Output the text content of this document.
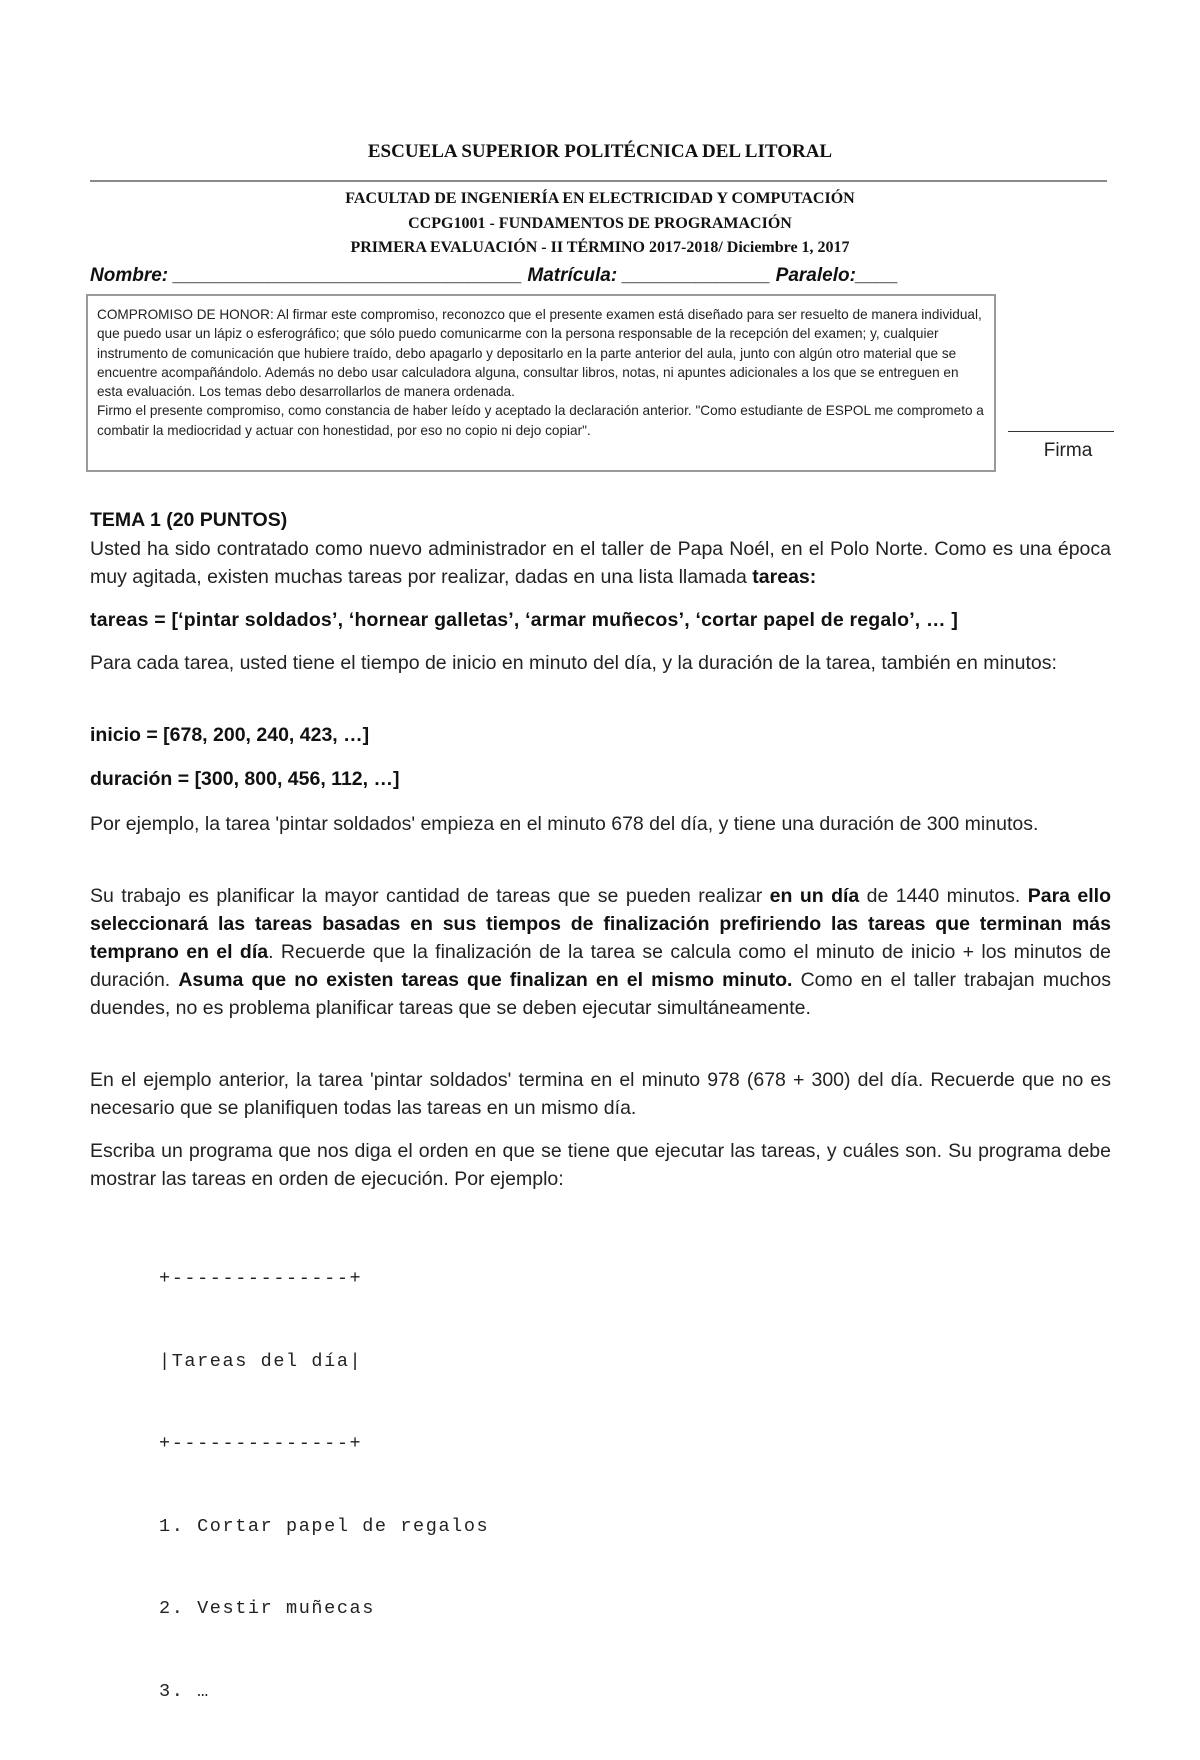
ESCUELA SUPERIOR POLITÉCNICA DEL LITORAL
FACULTAD DE INGENIERÍA EN ELECTRICIDAD Y COMPUTACIÓN
CCPG1001 - FUNDAMENTOS DE PROGRAMACIÓN
PRIMERA EVALUACIÓN - II TÉRMINO 2017-2018/ Diciembre 1, 2017
Nombre: _________________________________ Matrícula: ______________ Paralelo:____

COMPROMISO DE HONOR: Al firmar este compromiso, reconozco que el presente examen está diseñado para ser resuelto de manera individual, que puedo usar un lápiz o esferográfico; que sólo puedo comunicarme con la persona responsable de la recepción del examen; y, cualquier instrumento de comunicación que hubiere traído, debo apagarlo y depositarlo en la parte anterior del aula, junto con algún otro material que se encuentre acompañándolo. Además no debo usar calculadora alguna, consultar libros, notas, ni apuntes adicionales a los que se entreguen en esta evaluación. Los temas debo desarrollarlos de manera ordenada.

Firmo el presente compromiso, como constancia de haber leído y aceptado la declaración anterior. "Como estudiante de ESPOL me comprometo a combatir la mediocridad y actuar con honestidad, por eso no copio ni dejo copiar".

Firma
TEMA 1 (20 PUNTOS)

Usted ha sido contratado como nuevo administrador en el taller de Papa Noél, en el Polo Norte. Como es una época muy agitada, existen muchas tareas por realizar, dadas en una lista llamada tareas:

tareas = [‘pintar soldados’, ‘hornear galletas’, ‘armar muñecos’, ‘cortar papel de regalo’, … ]

Para cada tarea, usted tiene el tiempo de inicio en minuto del día, y la duración de la tarea, también en minutos:

inicio = [678, 200, 240, 423, …]
duración = [300, 800, 456, 112, …]

Por ejemplo, la tarea 'pintar soldados' empieza en el minuto 678 del día, y tiene una duración de 300 minutos.

Su trabajo es planificar la mayor cantidad de tareas que se pueden realizar en un día de 1440 minutos. Para ello seleccionará las tareas basadas en sus tiempos de finalización prefiriendo las tareas que terminan más temprano en el día. Recuerde que la finalización de la tarea se calcula como el minuto de inicio + los minutos de duración. Asuma que no existen tareas que finalizan en el mismo minuto. Como en el taller trabajan muchos duendes, no es problema planificar tareas que se deben ejecutar simultáneamente.

En el ejemplo anterior, la tarea 'pintar soldados' termina en el minuto 978 (678 + 300) del día. Recuerde que no es necesario que se planifiquen todas las tareas en un mismo día.

Escriba un programa que nos diga el orden en que se tiene que ejecutar las tareas, y cuáles son. Su programa debe mostrar las tareas en orden de ejecución. Por ejemplo:

+--------------+

|Tareas del día|

+--------------+

1. Cortar papel de regalos

2. Vestir muñecas

3. …
